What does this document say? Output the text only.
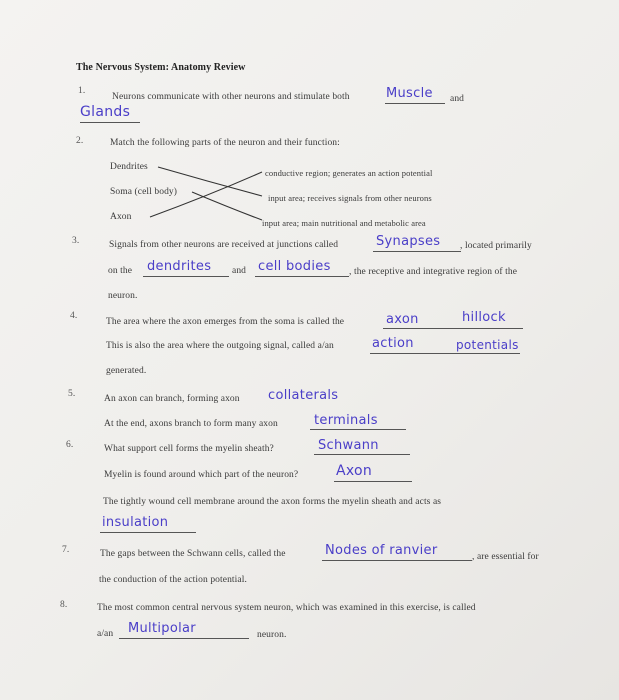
The Nervous System: Anatomy Review
1.
Neurons communicate with other neurons and stimulate both	Muscle and
Glands
2.	Match the following parts of the neuron and their function:
Dendrites
Soma (cell body)
Axon
conductive region; generates an action potential
input area; receives signals from other neurons
input area; main nutritional and metabolic area
3.	Signals from other neurons are received at junctions called	Synapses , located primarily
on the dendrites and cell bodies , the receptive and integrative region of the
neuron.
4.
The area where the axon emerges from the soma is called the	axon	hillock
This is also the area where the outgoing signal, called a/an	action	potentials
generated.
5.	An axon can branch, forming axon collaterals
At the end, axons branch to form many axon	terminals
6.	What support cell forms the myelin sheath?	Schwann
Myelin is found around which part of the neuron?	Axon
The tightly wound cell membrane around the axon forms the myelin sheath and acts as
insulation
7.	The gaps between the Schwann cells, called the	Nodes of ranvier	, are essential for
the conduction of the action potential.
8.	The most common central nervous system neuron, which was examined in this exercise, is called
a/an Multipolar	neuron.
